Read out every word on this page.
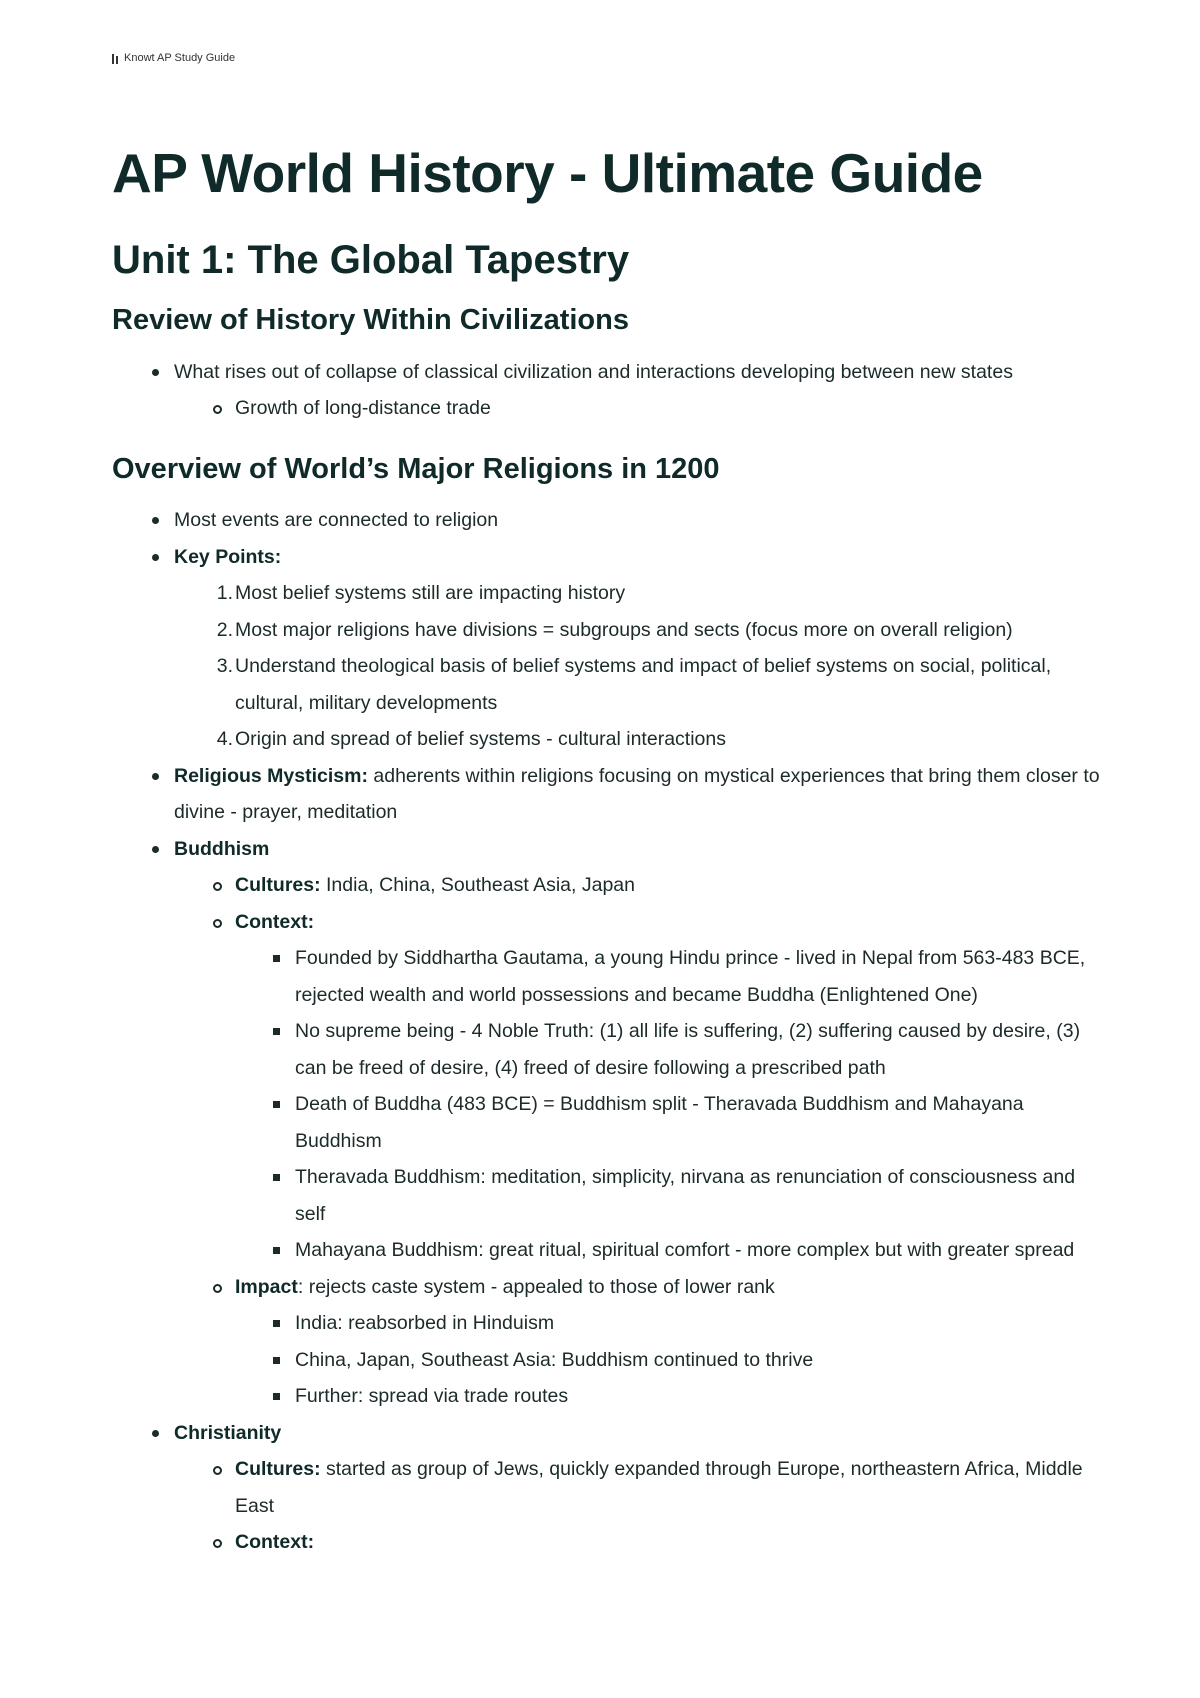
Knowt AP Study Guide
AP World History - Ultimate Guide
Unit 1: The Global Tapestry
Review of History Within Civilizations
What rises out of collapse of classical civilization and interactions developing between new states
Growth of long-distance trade
Overview of World’s Major Religions in 1200
Most events are connected to religion
Key Points:
1. Most belief systems still are impacting history
2. Most major religions have divisions = subgroups and sects (focus more on overall religion)
3. Understand theological basis of belief systems and impact of belief systems on social, political, cultural, military developments
4. Origin and spread of belief systems - cultural interactions
Religious Mysticism: adherents within religions focusing on mystical experiences that bring them closer to divine - prayer, meditation
Buddhism
Cultures: India, China, Southeast Asia, Japan
Context:
Founded by Siddhartha Gautama, a young Hindu prince - lived in Nepal from 563-483 BCE, rejected wealth and world possessions and became Buddha (Enlightened One)
No supreme being - 4 Noble Truth: (1) all life is suffering, (2) suffering caused by desire, (3) can be freed of desire, (4) freed of desire following a prescribed path
Death of Buddha (483 BCE) = Buddhism split - Theravada Buddhism and Mahayana Buddhism
Theravada Buddhism: meditation, simplicity, nirvana as renunciation of consciousness and self
Mahayana Buddhism: great ritual, spiritual comfort - more complex but with greater spread
Impact: rejects caste system - appealed to those of lower rank
India: reabsorbed in Hinduism
China, Japan, Southeast Asia: Buddhism continued to thrive
Further: spread via trade routes
Christianity
Cultures: started as group of Jews, quickly expanded through Europe, northeastern Africa, Middle East
Context:
